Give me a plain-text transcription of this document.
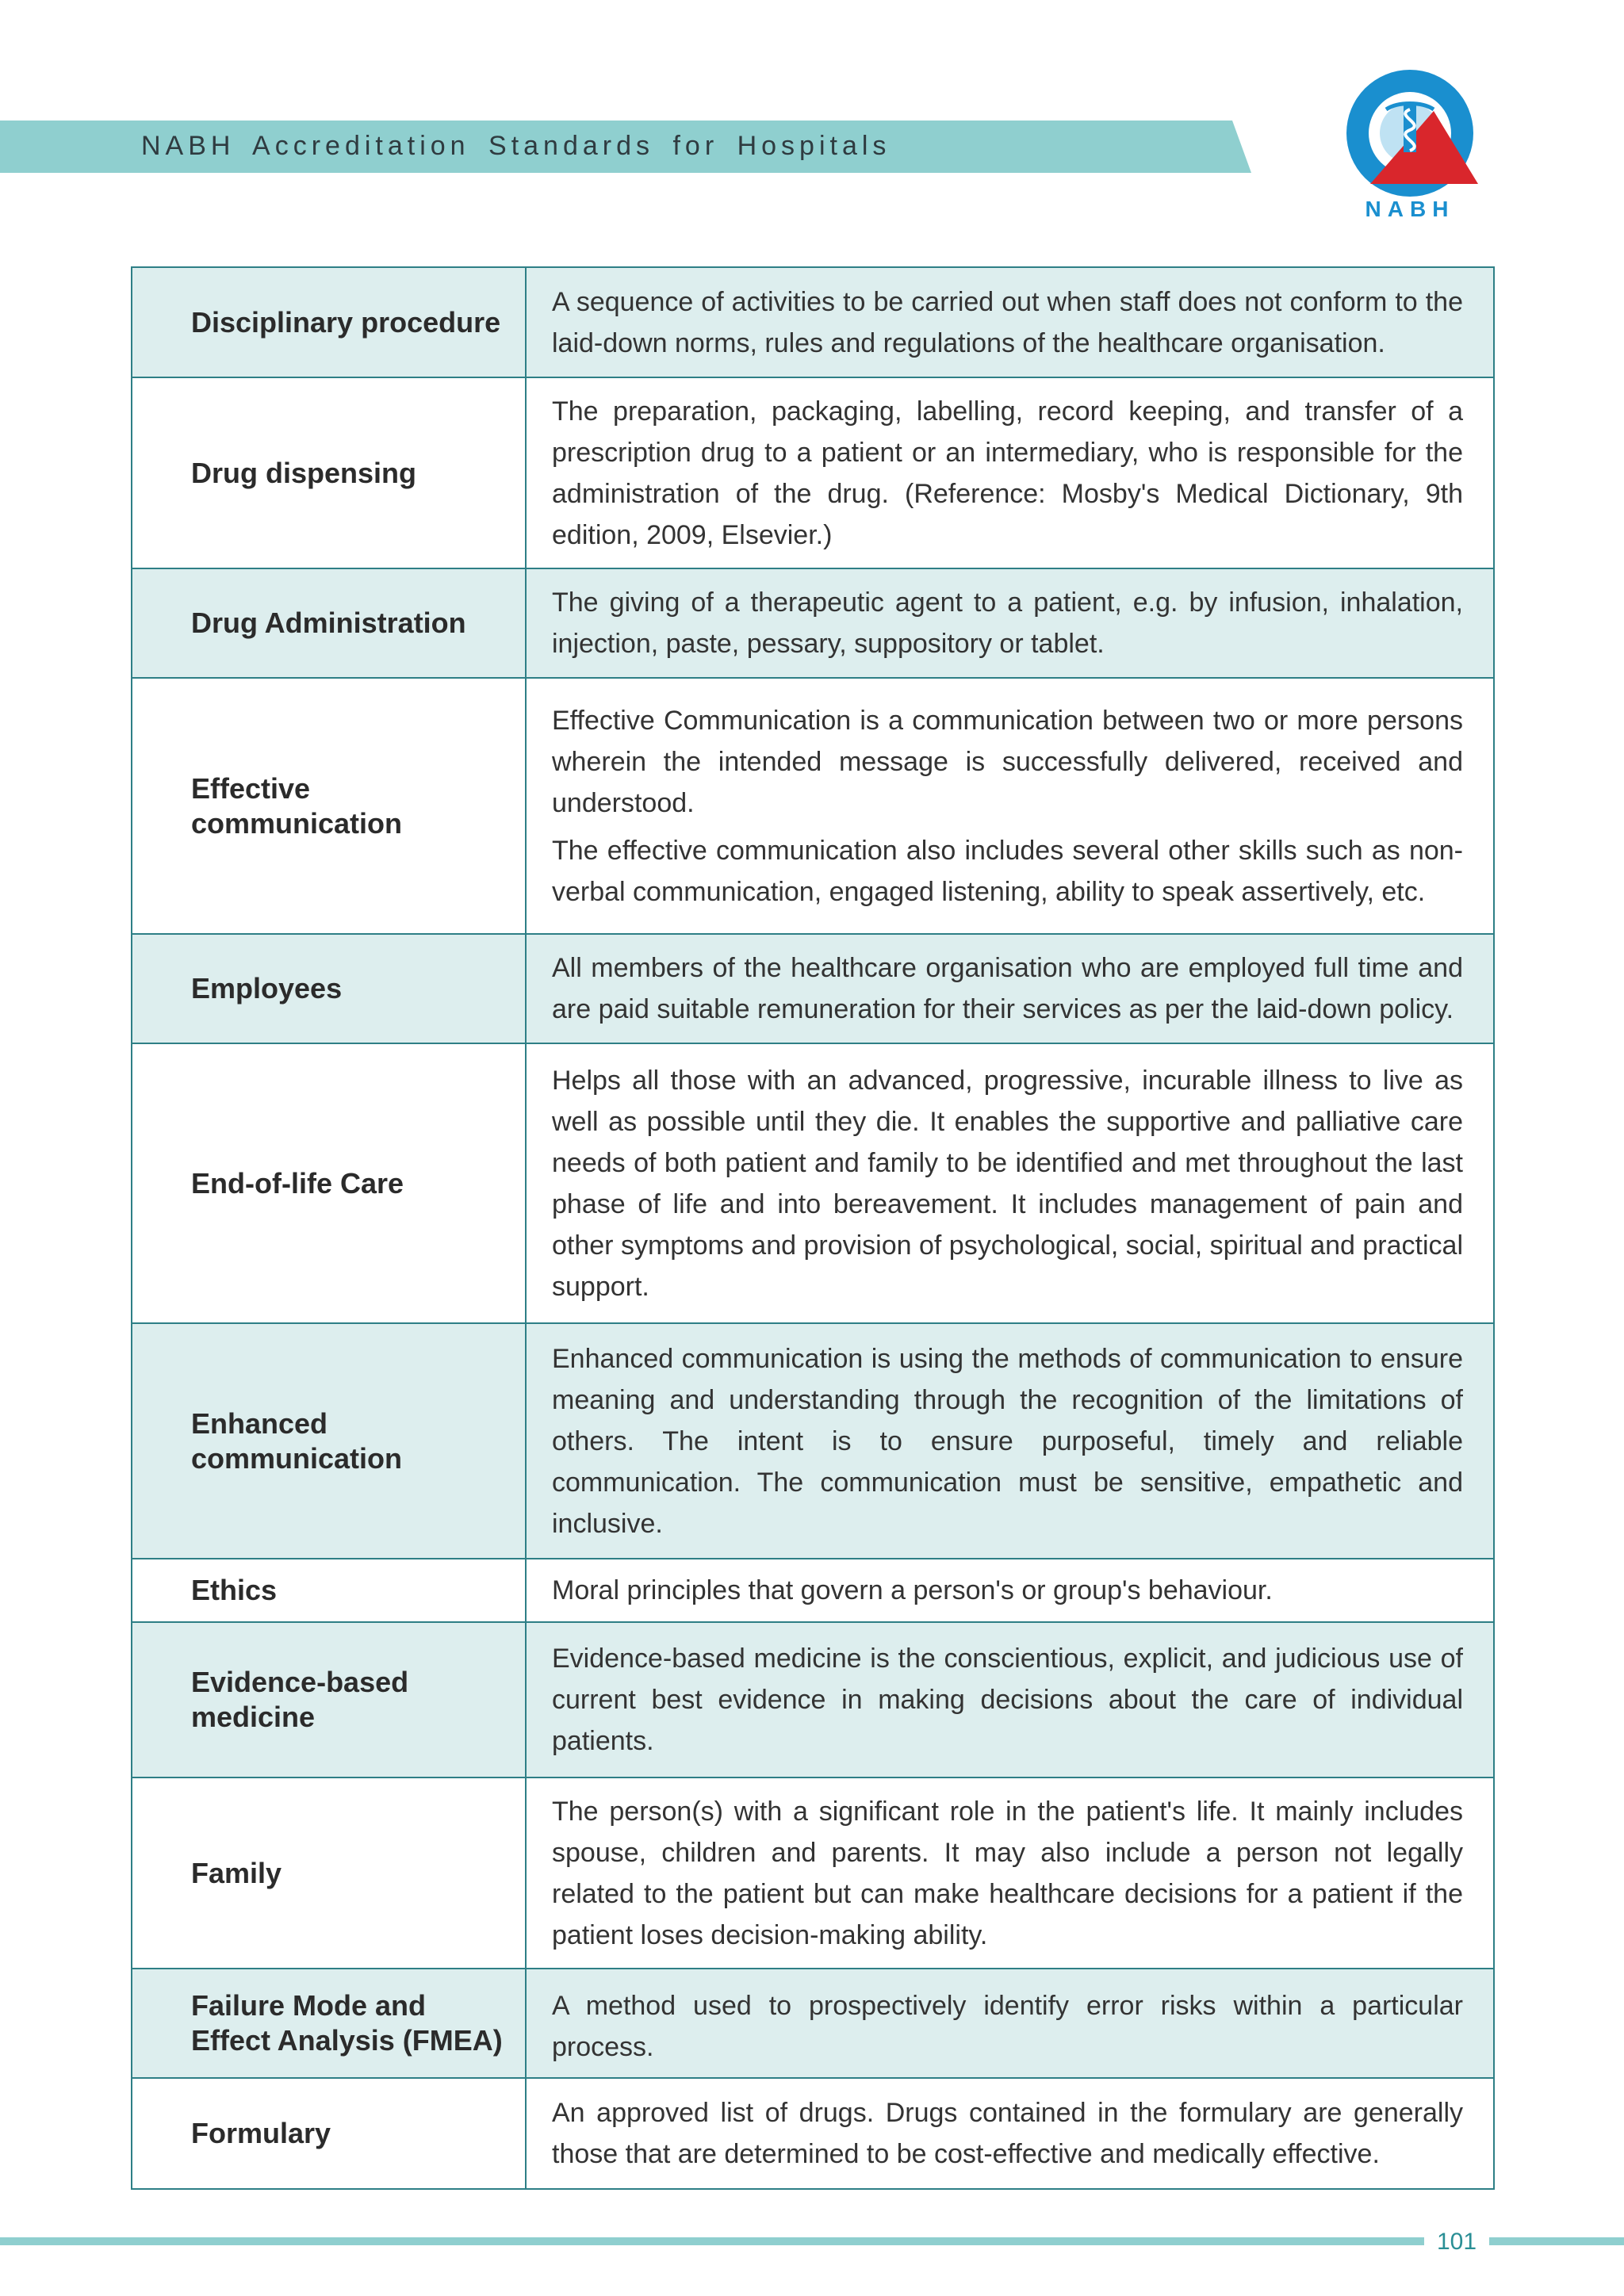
NABH Accreditation Standards for Hospitals
NABH
Disciplinary procedure	A sequence of activities to be carried out when staff does not conform to the laid-down norms, rules and regulations of the healthcare organisation.

Drug dispensing	The preparation, packaging, labelling, record keeping, and transfer of a prescription drug to a patient or an intermediary, who is responsible for the administration of the drug. (Reference: Mosby's Medical Dictionary, 9th edition, 2009, Elsevier.)

Drug Administration	The giving of a therapeutic agent to a patient, e.g. by infusion, inhalation, injection, paste, pessary, suppository or tablet.

Effective communication	Effective Communication is a communication between two or more persons wherein the intended message is successfully delivered, received and understood.

The effective communication also includes several other skills such as non-verbal communication, engaged listening, ability to speak assertively, etc.

Employees	All members of the healthcare organisation who are employed full time and are paid suitable remuneration for their services as per the laid-down policy.

End-of-life Care	Helps all those with an advanced, progressive, incurable illness to live as well as possible until they die. It enables the supportive and palliative care needs of both patient and family to be identified and met throughout the last phase of life and into bereavement. It includes management of pain and other symptoms and provision of psychological, social, spiritual and practical support.

Enhanced communication	Enhanced communication is using the methods of communication to ensure meaning and understanding through the recognition of the limitations of others. The intent is to ensure purposeful, timely and reliable communication. The communication must be sensitive, empathetic and inclusive.

Ethics	Moral principles that govern a person's or group's behaviour.

Evidence-based medicine	Evidence-based medicine is the conscientious, explicit, and judicious use of current best evidence in making decisions about the care of individual patients.

Family	The person(s) with a significant role in the patient's life. It mainly includes spouse, children and parents. It may also include a person not legally related to the patient but can make healthcare decisions for a patient if the patient loses decision-making ability.

Failure Mode and Effect Analysis (FMEA)	A method used to prospectively identify error risks within a particular process.

Formulary	An approved list of drugs. Drugs contained in the formulary are generally those that are determined to be cost-effective and medically effective.

101
